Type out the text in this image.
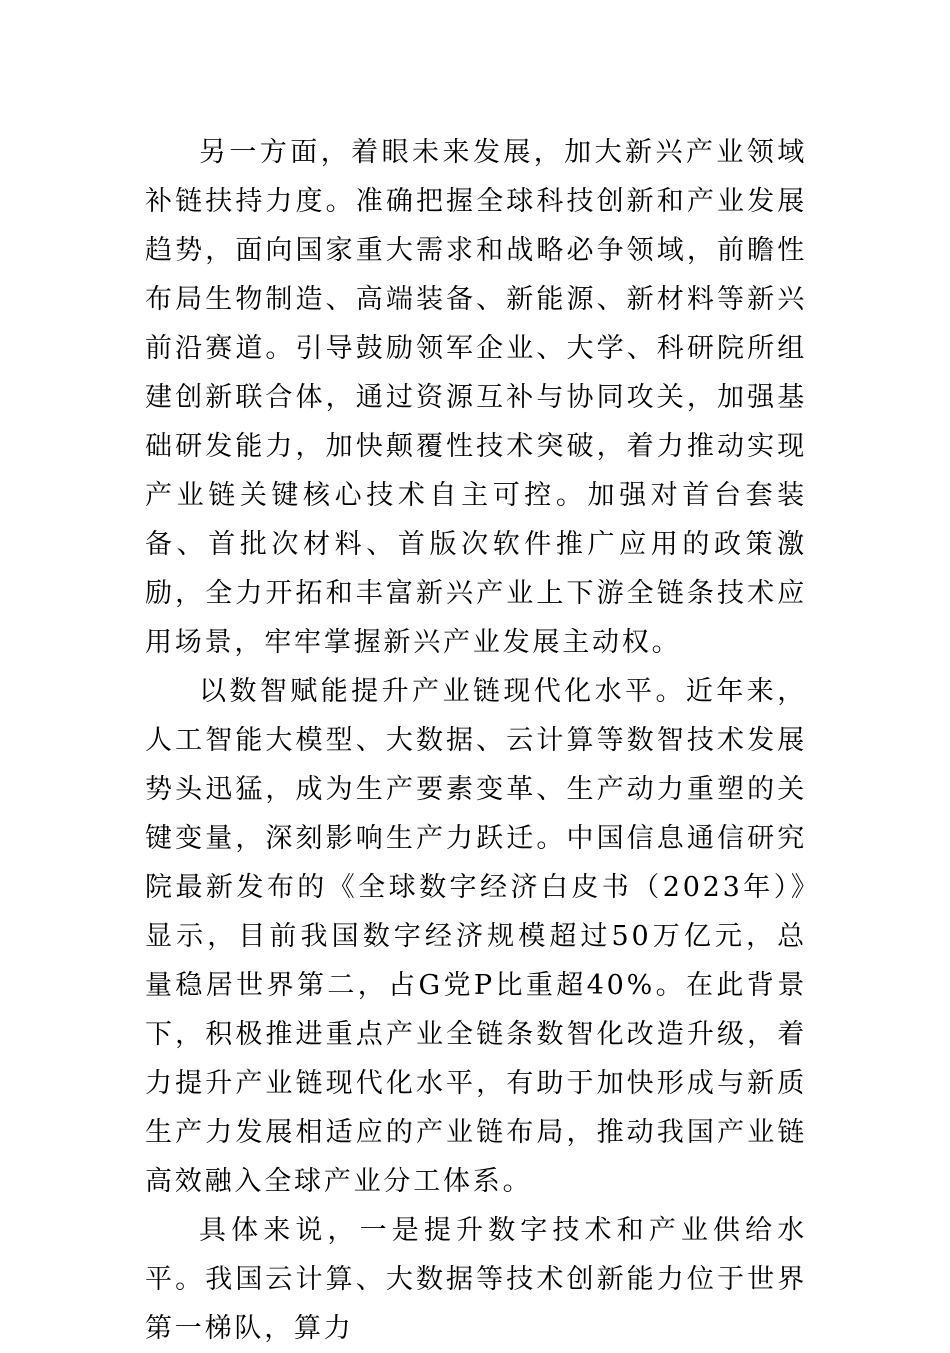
另一方面，着眼未来发展，加大新兴产业领域补链扶持力度。准确把握全球科技创新和产业发展趋势，面向国家重大需求和战略必争领域，前瞻性布局生物制造、高端装备、新能源、新材料等新兴前沿赛道。引导鼓励领军企业、大学、科研院所组建创新联合体，通过资源互补与协同攻关，加强基础研发能力，加快颠覆性技术突破，着力推动实现产业链关键核心技术自主可控。加强对首台套装备、首批次材料、首版次软件推广应用的政策激励，全力开拓和丰富新兴产业上下游全链条技术应用场景，牢牢掌握新兴产业发展主动权。

以数智赋能提升产业链现代化水平。近年来，人工智能大模型、大数据、云计算等数智技术发展势头迅猛，成为生产要素变革、生产动力重塑的关键变量，深刻影响生产力跃迁。中国信息通信研究院最新发布的《全球数字经济白皮书（2023年）》显示，目前我国数字经济规模超过50万亿元，总量稳居世界第二，占G党P比重超40%。在此背景下，积极推进重点产业全链条数智化改造升级，着力提升产业链现代化水平，有助于加快形成与新质生产力发展相适应的产业链布局，推动我国产业链高效融入全球产业分工体系。

具体来说，一是提升数字技术和产业供给水平。我国云计算、大数据等技术创新能力位于世界第一梯队，算力
